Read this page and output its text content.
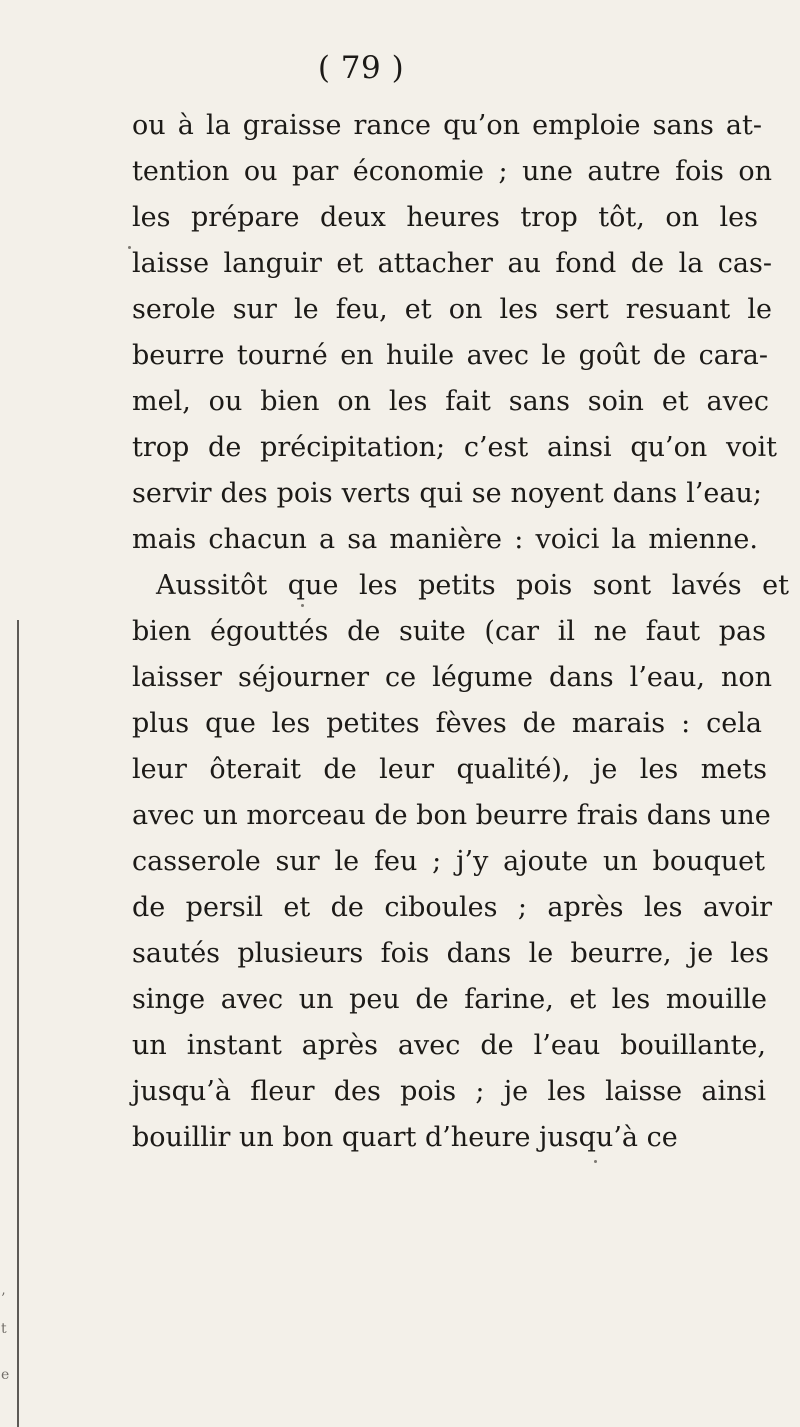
’
t
e
( 79 )
ou à la graisse rance qu’on emploie sans at-
tention ou par économie ; une autre fois on
les prépare deux heures trop tôt, on les
laisse languir et attacher au fond de la cas-
serole sur le feu, et on les sert resuant le
beurre tourné en huile avec le goût de cara-
mel, ou bien on les fait sans soin et avec
trop de précipitation; c’est ainsi qu’on voit
servir des pois verts qui se noyent dans l’eau;
mais chacun a sa manière : voici la mienne.
Aussitôt que les petits pois sont lavés et
bien égouttés de suite (car il ne faut pas
laisser séjourner ce légume dans l’eau, non
plus que les petites fèves de marais : cela
leur ôterait de leur qualité), je les mets
avec un morceau de bon beurre frais dans une
casserole sur le feu ; j’y ajoute un bouquet
de persil et de ciboules ; après les avoir
sautés plusieurs fois dans le beurre, je les
singe avec un peu de farine, et les mouille
un instant après avec de l’eau bouillante,
jusqu’à fleur des pois ; je les laisse ainsi
bouillir un bon quart d’heure jusqu’à ce
